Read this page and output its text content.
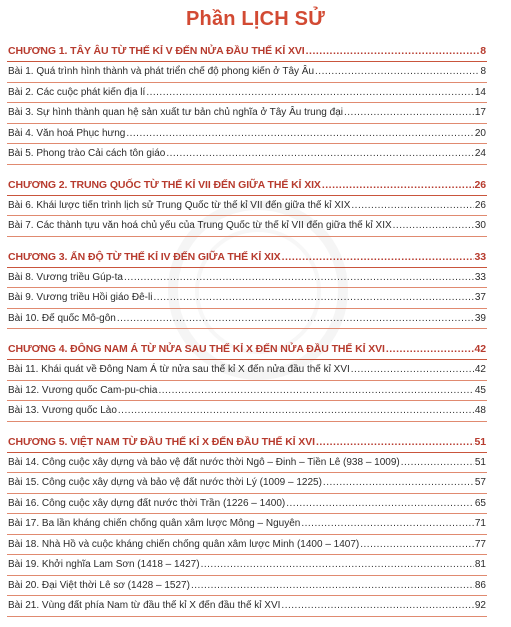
Phần LỊCH SỬ
CHƯƠNG 1. TÂY ÂU TỪ THẾ KỈ V ĐẾN NỬA ĐẦU THẾ KỈ XVI .....	8
Bài 1. Quá trình hình thành và phát triển chế độ phong kiến ở Tây Âu .....	8
Bài 2. Các cuộc phát kiến địa lí .....	14
Bài 3. Sự hình thành quan hệ sản xuất tư bản chủ nghĩa ở Tây Âu trung đại .....	17
Bài 4. Văn hoá Phục hưng .....	20
Bài 5. Phong trào Cải cách tôn giáo .....	24
CHƯƠNG 2. TRUNG QUỐC TỪ THẾ KỈ VII ĐẾN GIỮA THẾ KỈ XIX .....	26
Bài 6. Khái lược tiến trình lịch sử Trung Quốc từ thế kỉ VII đến giữa thế kỉ XIX .....	26
Bài 7. Các thành tựu văn hoá chủ yếu của Trung Quốc từ thế kỉ VII đến giữa thế kỉ XIX .....	30
CHƯƠNG 3. ẤN ĐỘ TỪ THẾ KỈ IV ĐẾN GIỮA THẾ KỈ XIX .....	33
Bài 8. Vương triều Gúp-ta .....	33
Bài 9. Vương triều Hồi giáo Đê-li .....	37
Bài 10. Đế quốc Mô-gôn .....	39
CHƯƠNG 4. ĐÔNG NAM Á TỪ NỬA SAU THẾ KỈ X ĐẾN NỬA ĐẦU THẾ KỈ XVI .....	42
Bài 11. Khái quát về Đông Nam Á từ nửa sau thế kỉ X đến nửa đầu thế kỉ XVI .....	42
Bài 12. Vương quốc Cam-pu-chia .....	45
Bài 13. Vương quốc Lào .....	48
CHƯƠNG 5. VIỆT NAM TỪ ĐẦU THẾ KỈ X ĐẾN ĐẦU THẾ KỈ XVI .....	51
Bài 14. Công cuộc xây dựng và bảo vệ đất nước thời Ngô – Đinh – Tiền Lê (938 – 1009) .....	51
Bài 15. Công cuộc xây dựng và bảo vệ đất nước thời Lý (1009 – 1225) .....	57
Bài 16. Công cuộc xây dựng đất nước thời Trần (1226 – 1400) .....	65
Bài 17. Ba lần kháng chiến chống quân xâm lược Mông – Nguyên .....	71
Bài 18. Nhà Hồ và cuộc kháng chiến chống quân xâm lược Minh (1400 – 1407) .....	77
Bài 19. Khởi nghĩa Lam Sơn (1418 – 1427) .....	81
Bài 20. Đại Việt thời Lê sơ (1428 – 1527) .....	86
Bài 21. Vùng đất phía Nam từ đầu thế kỉ X đến đầu thế kỉ XVI .....	92
